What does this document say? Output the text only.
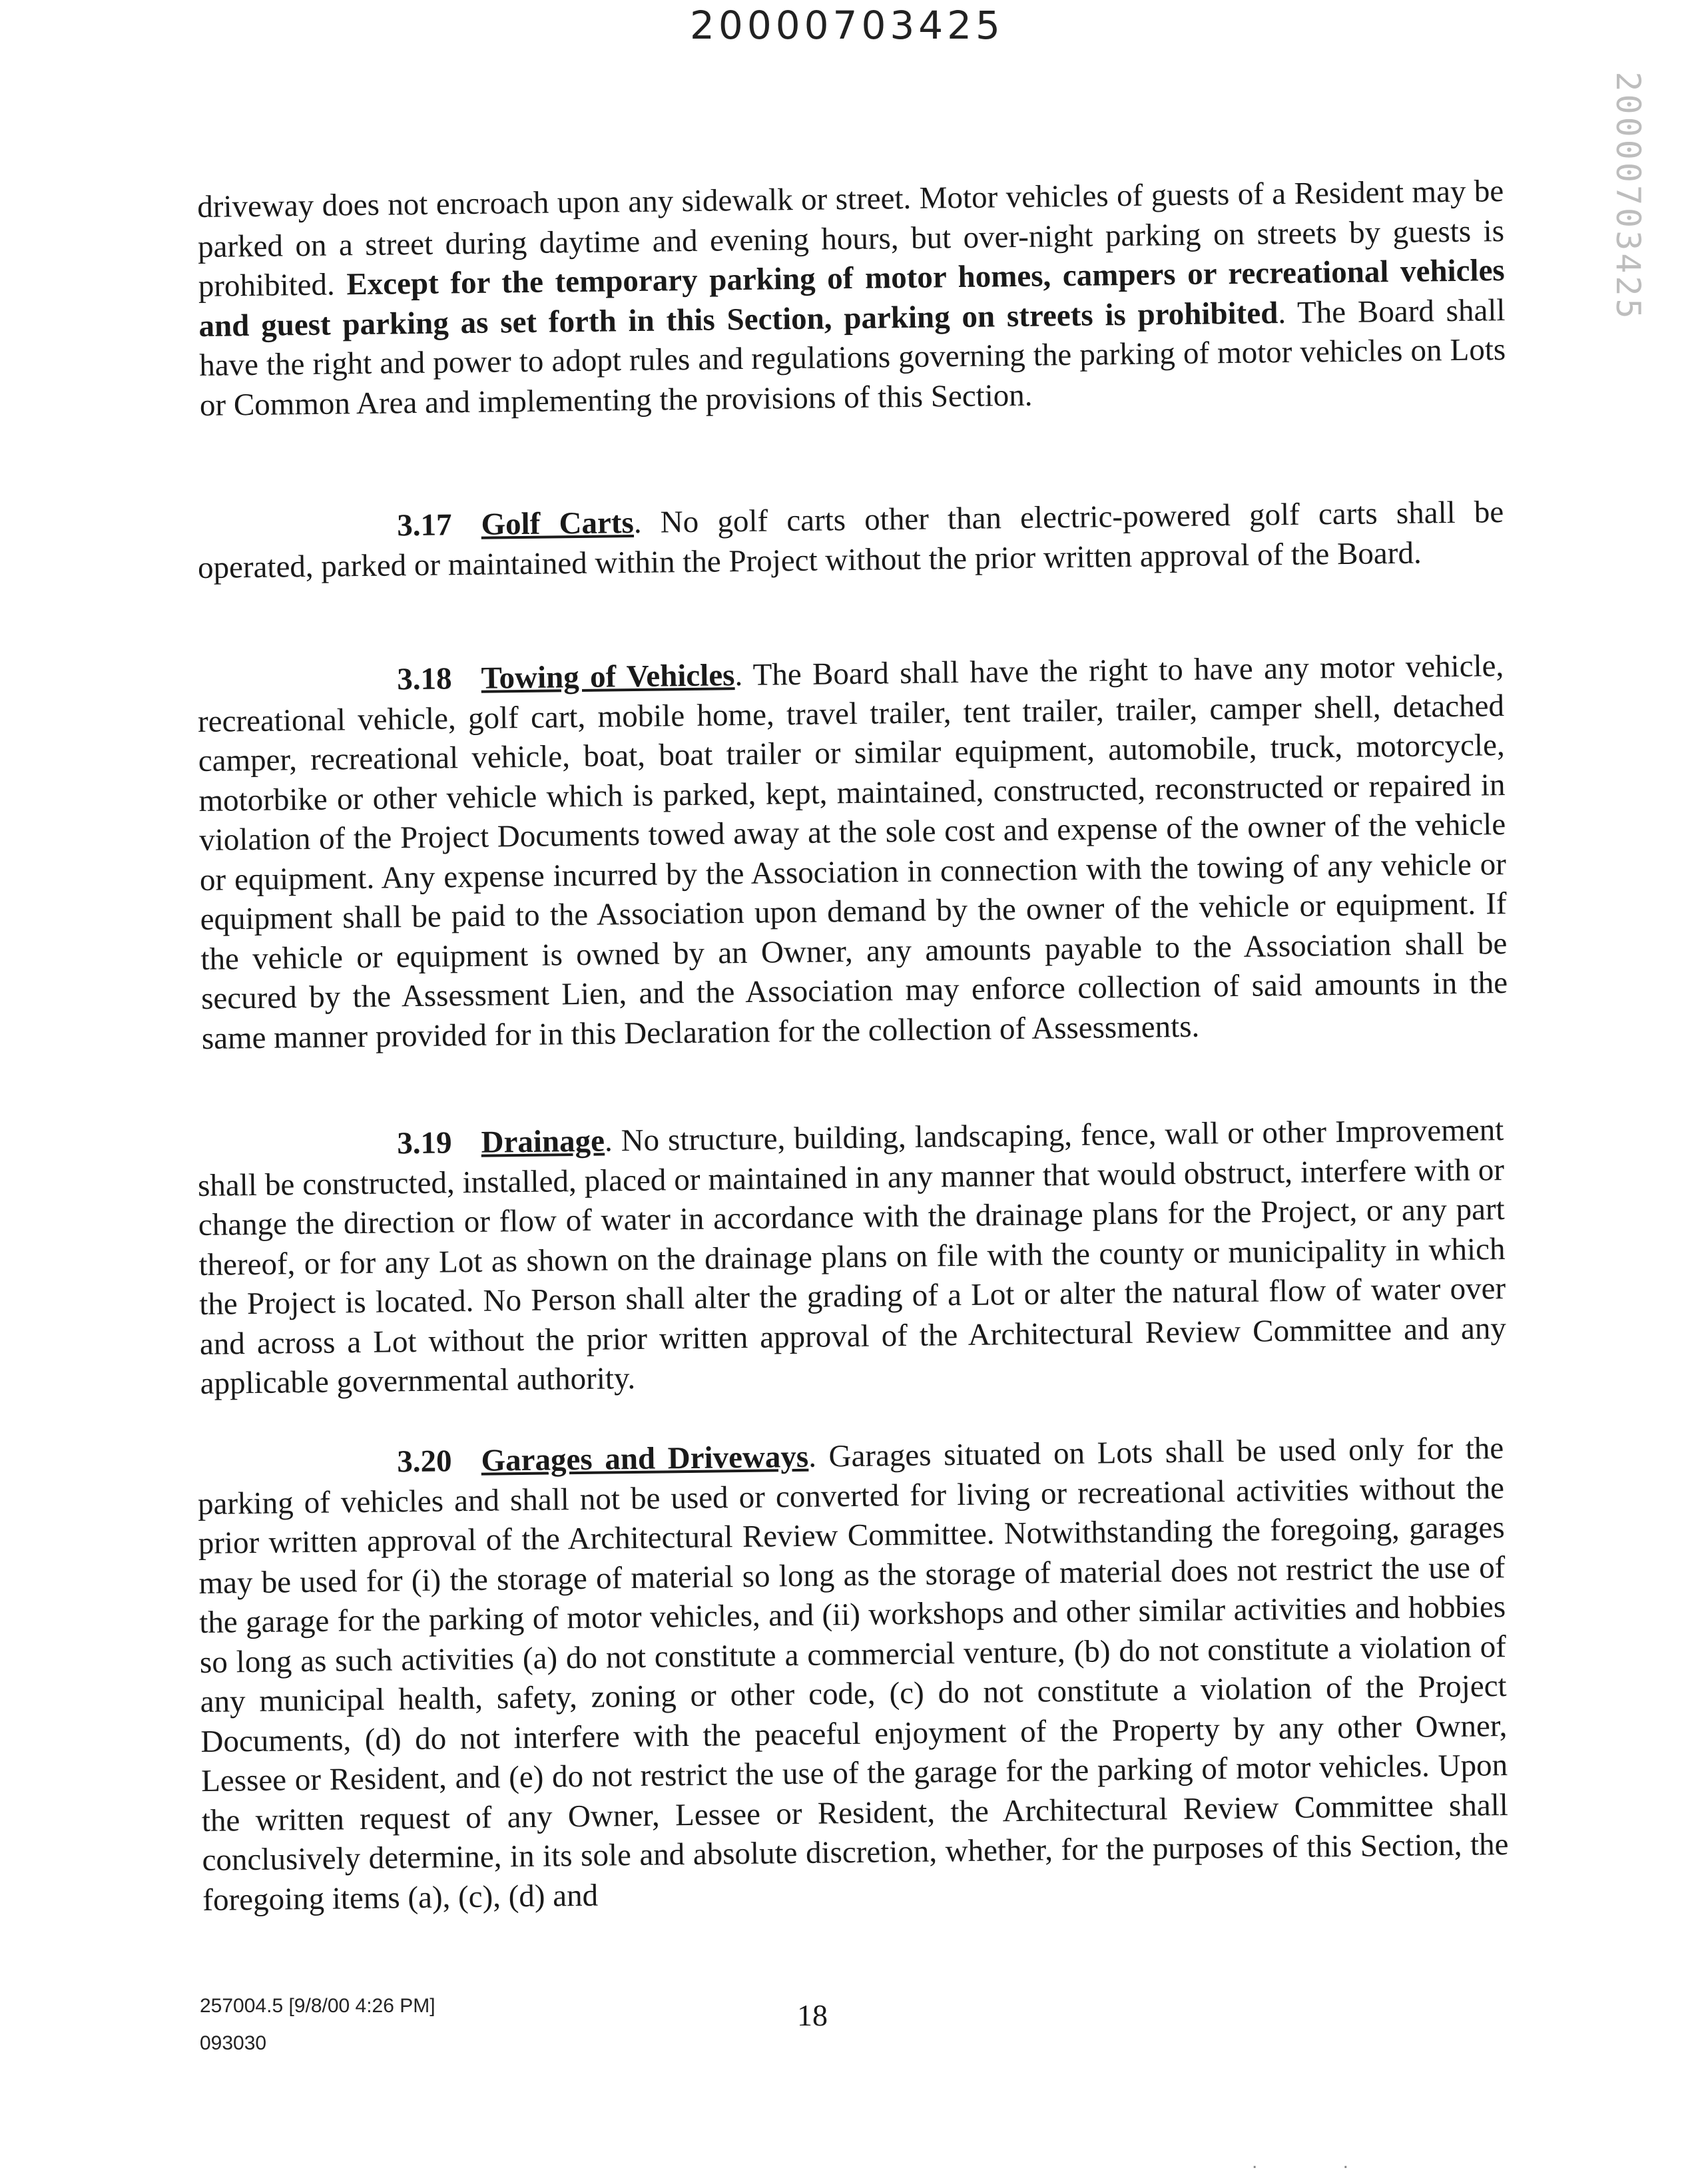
20000703425
20000703425

driveway does not encroach upon any sidewalk or street. Motor vehicles of guests of a Resident may be parked on a street during daytime and evening hours, but over-night parking on streets by guests is prohibited. Except for the temporary parking of motor homes, campers or recreational vehicles and guest parking as set forth in this Section, parking on streets is prohibited. The Board shall have the right and power to adopt rules and regulations governing the parking of motor vehicles on Lots or Common Area and implementing the provisions of this Section.

3.17 Golf Carts. No golf carts other than electric-powered golf carts shall be operated, parked or maintained within the Project without the prior written approval of the Board.

3.18 Towing of Vehicles. The Board shall have the right to have any motor vehicle, recreational vehicle, golf cart, mobile home, travel trailer, tent trailer, trailer, camper shell, detached camper, recreational vehicle, boat, boat trailer or similar equipment, automobile, truck, motorcycle, motorbike or other vehicle which is parked, kept, maintained, constructed, reconstructed or repaired in violation of the Project Documents towed away at the sole cost and expense of the owner of the vehicle or equipment. Any expense incurred by the Association in connection with the towing of any vehicle or equipment shall be paid to the Association upon demand by the owner of the vehicle or equipment. If the vehicle or equipment is owned by an Owner, any amounts payable to the Association shall be secured by the Assessment Lien, and the Association may enforce collection of said amounts in the same manner provided for in this Declaration for the collection of Assessments.

3.19 Drainage. No structure, building, landscaping, fence, wall or other Improvement shall be constructed, installed, placed or maintained in any manner that would obstruct, interfere with or change the direction or flow of water in accordance with the drainage plans for the Project, or any part thereof, or for any Lot as shown on the drainage plans on file with the county or municipality in which the Project is located. No Person shall alter the grading of a Lot or alter the natural flow of water over and across a Lot without the prior written approval of the Architectural Review Committee and any applicable governmental authority.

3.20 Garages and Driveways. Garages situated on Lots shall be used only for the parking of vehicles and shall not be used or converted for living or recreational activities without the prior written approval of the Architectural Review Committee. Notwithstanding the foregoing, garages may be used for (i) the storage of material so long as the storage of material does not restrict the use of the garage for the parking of motor vehicles, and (ii) workshops and other similar activities and hobbies so long as such activities (a) do not constitute a commercial venture, (b) do not constitute a violation of any municipal health, safety, zoning or other code, (c) do not constitute a violation of the Project Documents, (d) do not interfere with the peaceful enjoyment of the Property by any other Owner, Lessee or Resident, and (e) do not restrict the use of the garage for the parking of motor vehicles. Upon the written request of any Owner, Lessee or Resident, the Architectural Review Committee shall conclusively determine, in its sole and absolute discretion, whether, for the purposes of this Section, the foregoing items (a), (c), (d) and

257004.5 [9/8/00 4:26 PM]
093030
18
. .
